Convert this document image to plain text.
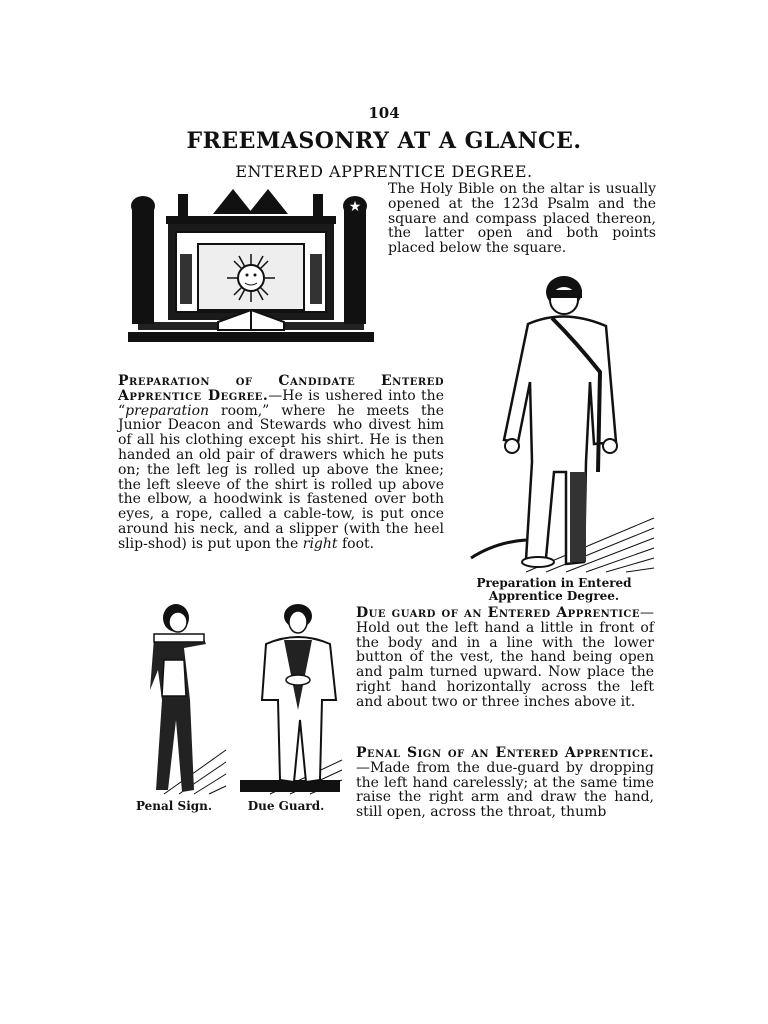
104
FREEMASONRY AT A GLANCE.
ENTERED APPRENTICE DEGREE.
★
The Holy Bible on the altar is usually opened at the 123d Psalm and the square and compass placed thereon, the latter open and both points placed below the square.
Preparation of Candidate Entered Apprentice Degree.—He is ushered into the “preparation room,” where he meets the Junior Deacon and Stewards who divest him of all his clothing except his shirt. He is then handed an old pair of drawers which he puts on; the left leg is rolled up above the knee; the left sleeve of the shirt is rolled up above the elbow, a hoodwink is fastened over both eyes, a rope, called a cable-tow, is put once around his neck, and a slipper (with the heel slip-shod) is put upon the right foot.
Preparation in Entered
Apprentice Degree.
Penal Sign.	Due Guard.
Due guard of an Entered Apprentice—Hold out the left hand a little in front of the body and in a line with the lower button of the vest, the hand being open and palm turned upward. Now place the right hand horizontally across the left and about two or three inches above it.
Penal Sign of an Entered Apprentice.—Made from the due-guard by dropping the left hand carelessly; at the same time raise the right arm and draw the hand, still open, across the throat, thumb
